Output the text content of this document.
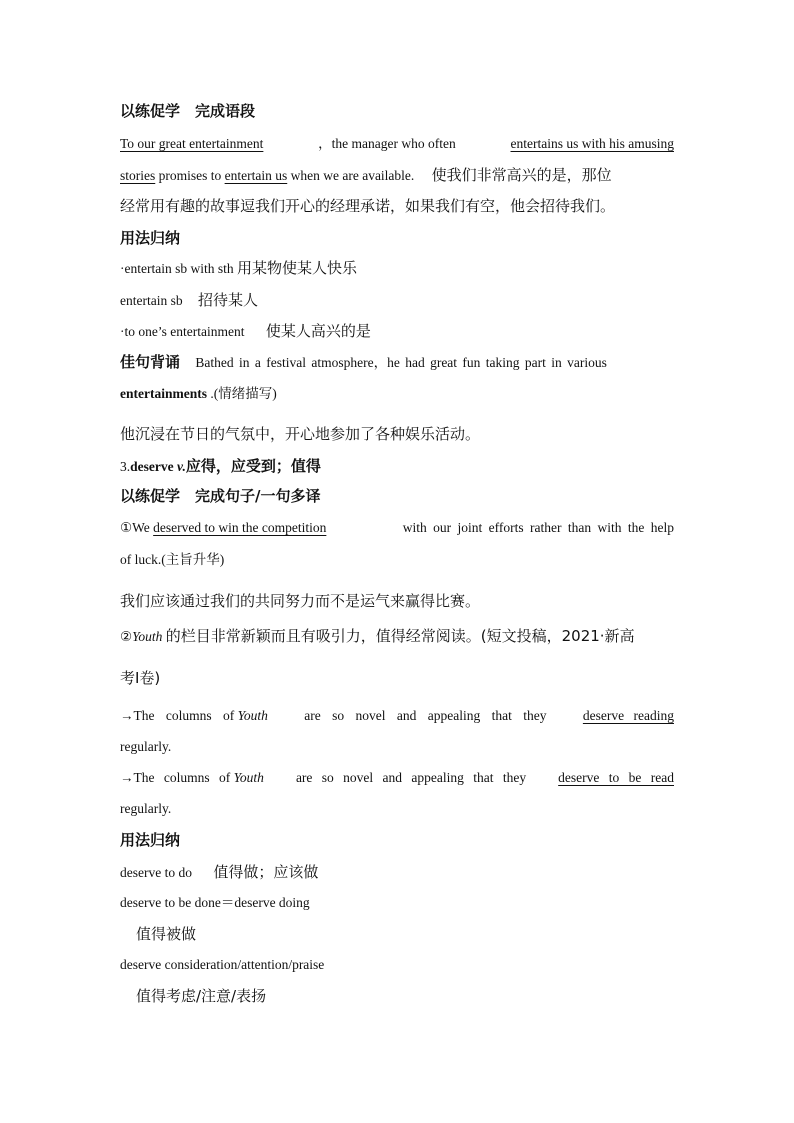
以练促学　完成语段
To our great entertainment	，the manager who often	entertains us with his amusing
stories promises to entertain us when we are available. 使我们非常高兴的是，那位
经常用有趣的故事逗我们开心的经理承诺，如果我们有空，他会招待我们。
用法归纳
·entertain sb with sth 用某物使某人快乐
entertain sb 招待某人
·to one’s entertainment 使某人高兴的是
佳句背诵 Bathed in a festival atmosphere，he had great fun taking part in various
entertainments .(情绪描写)
他沉浸在节日的气氛中，开心地参加了各种娱乐活动。
3.deserve v.应得，应受到；值得
以练促学　完成句子/一句多译
①We deserved to win the competition	with our joint efforts rather than with the help
of luck.(主旨升华)
我们应该通过我们的共同努力而不是运气来赢得比赛。
②Youth 的栏目非常新颖而且有吸引力，值得经常阅读。(短文投稿，2021·新高
考Ⅰ卷)
→The columns of Youth	are so novel and appealing that they	deserve reading
regularly.
→The columns of Youth are so novel and appealing that they deserve to be read
regularly.
用法归纳
deserve to do 值得做；应该做
deserve to be done＝deserve doing
值得被做
deserve consideration/attention/praise
值得考虑/注意/表扬
